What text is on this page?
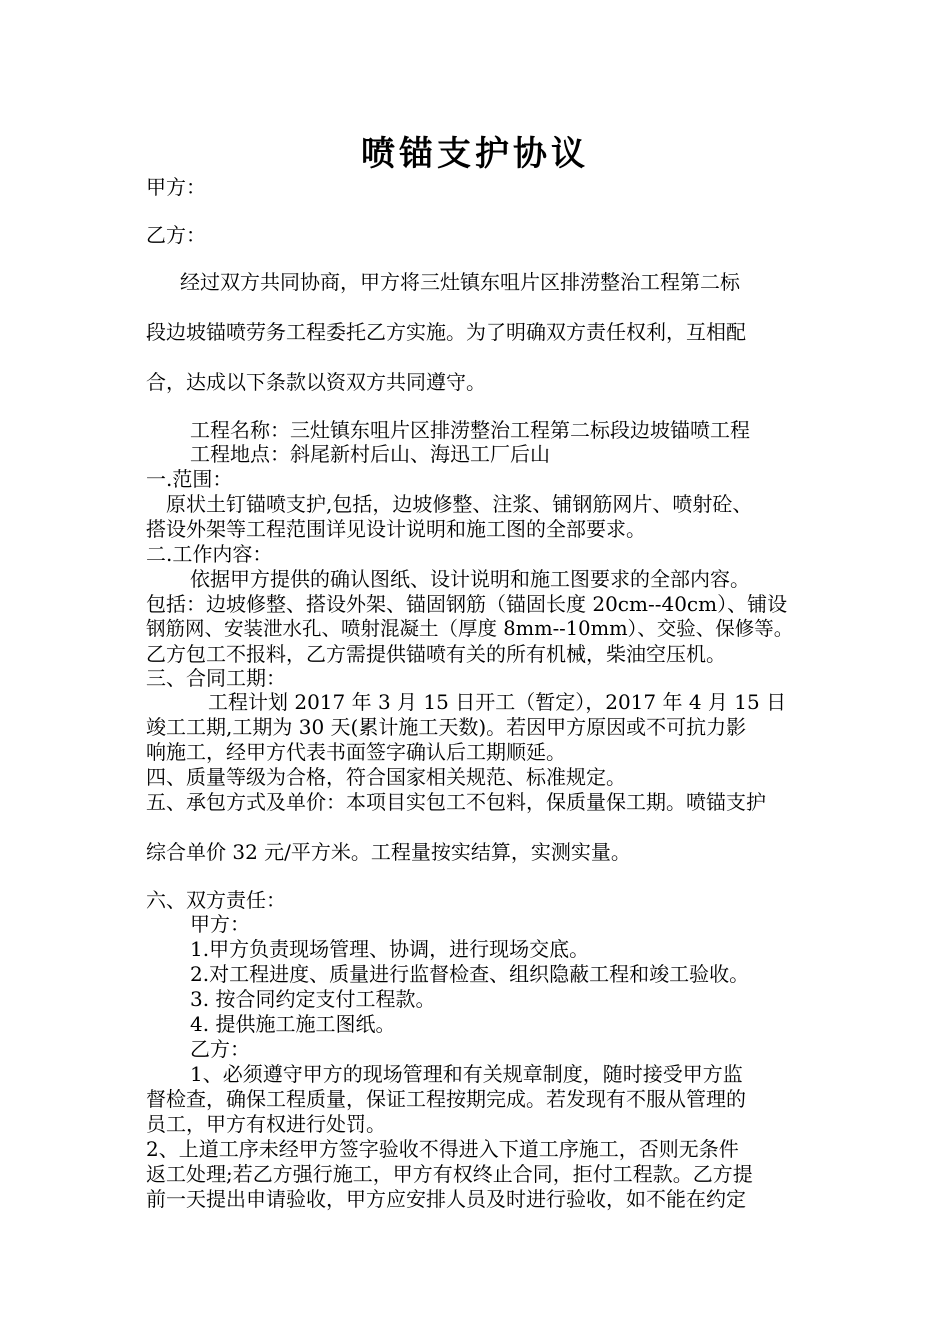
喷锚支护协议
甲方：
乙方：
经过双方共同协商，甲方将三灶镇东咀片区排涝整治工程第二标
段边坡锚喷劳务工程委托乙方实施。为了明确双方责任权利，互相配
合，达成以下条款以资双方共同遵守。
工程名称：三灶镇东咀片区排涝整治工程第二标段边坡锚喷工程
工程地点：斜尾新村后山、海迅工厂后山
一.范围：
原状土钉锚喷支护,包括，边坡修整、注浆、铺钢筋网片、喷射砼、
搭设外架等工程范围详见设计说明和施工图的全部要求。
二.工作内容：
依据甲方提供的确认图纸、设计说明和施工图要求的全部内容。
包括：边坡修整、搭设外架、锚固钢筋（锚固长度 20cm--40cm）、铺设
钢筋网、安装泄水孔、喷射混凝土（厚度 8mm--10mm）、交验、保修等。
乙方包工不报料，乙方需提供锚喷有关的所有机械，柴油空压机。
三、合同工期：
工程计划 2017 年 3 月 15 日开工（暂定），2017 年 4 月 15 日
竣工工期,工期为 30 天(累计施工天数)。若因甲方原因或不可抗力影
响施工，经甲方代表书面签字确认后工期顺延。
四、质量等级为合格，符合国家相关规范、标准规定。
五、承包方式及单价：本项目实包工不包料，保质量保工期。喷锚支护
综合单价 32 元/平方米。工程量按实结算，实测实量。
六、双方责任：
甲方：
1.甲方负责现场管理、协调，进行现场交底。
2.对工程进度、质量进行监督检查、组织隐蔽工程和竣工验收。
3. 按合同约定支付工程款。
4. 提供施工施工图纸。
乙方：
1、必须遵守甲方的现场管理和有关规章制度，随时接受甲方监
督检查，确保工程质量，保证工程按期完成。若发现有不服从管理的
员工，甲方有权进行处罚。
2、上道工序未经甲方签字验收不得进入下道工序施工，否则无条件
返工处理;若乙方强行施工，甲方有权终止合同，拒付工程款。乙方提
前一天提出申请验收，甲方应安排人员及时进行验收，如不能在约定
